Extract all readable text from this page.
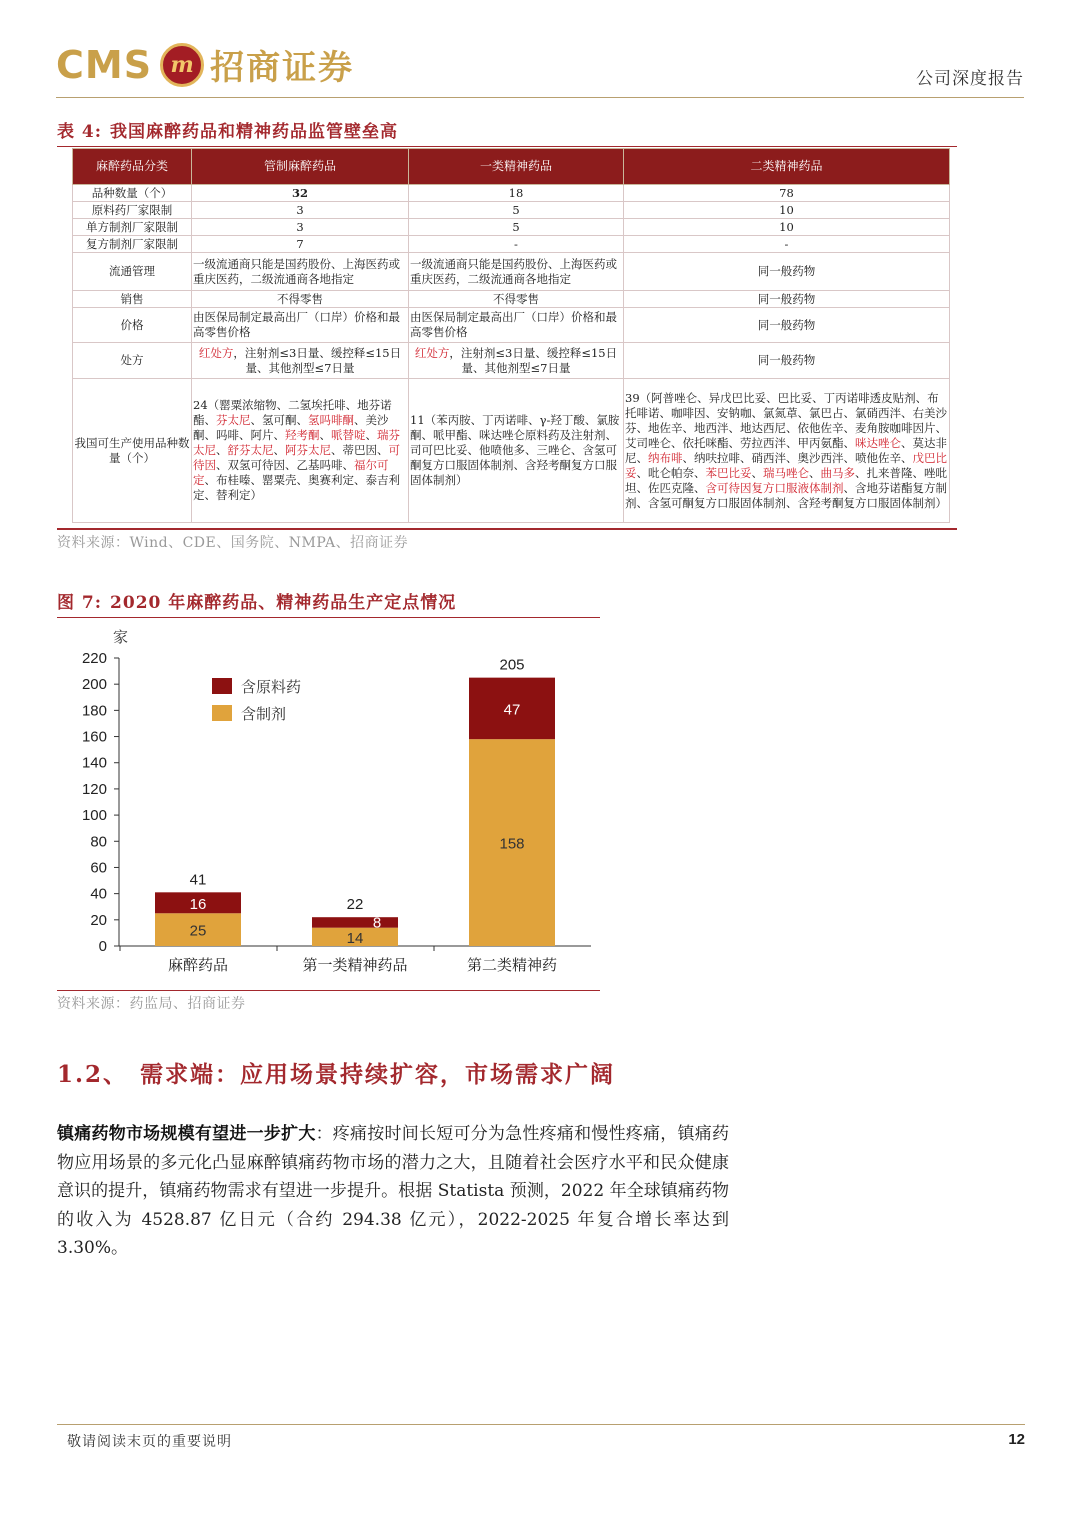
CMS m 招商证券	公司深度报告
表 4: 我国麻醉药品和精神药品监管壁垒高
麻醉药品分类	管制麻醉药品	一类精神药品	二类精神药品
品种数量（个）	32	18	78
原料药厂家限制	3	5	10
单方制剂厂家限制	3	5	10
复方制剂厂家限制	7	-	-
流通管理	一级流通商只能是国药股份、上海医药或重庆医药，二级流通商各地指定	一级流通商只能是国药股份、上海医药或重庆医药，二级流通商各地指定	同一般药物
销售	不得零售	不得零售	同一般药物
价格	由医保局制定最高出厂（口岸）价格和最高零售价格	由医保局制定最高出厂（口岸）价格和最高零售价格	同一般药物
处方	红处方，注射剂≤3日量、缓控释≤15日量、其他剂型≤7日量	红处方，注射剂≤3日量、缓控释≤15日量、其他剂型≤7日量	同一般药物
我国可生产使用品种数量（个）	24（罂粟浓缩物、二氢埃托啡、地芬诺酯、芬太尼、氢可酮、氢吗啡酮、美沙酮、吗啡、阿片、羟考酮、哌替啶、瑞芬太尼、舒芬太尼、阿芬太尼、蒂巴因、可待因、双氢可待因、乙基吗啡、福尔可定、布桂嗪、罂粟壳、奥赛利定、泰吉利定、替利定）	11（苯丙胺、丁丙诺啡、γ-羟丁酸、氯胺酮、哌甲酯、咪达唑仑原料药及注射剂、司可巴比妥、他喷他多、三唑仑、含氢可酮复方口服固体制剂、含羟考酮复方口服固体制剂）	39（阿普唑仑、异戊巴比妥、巴比妥、丁丙诺啡透皮贴剂、布托啡诺、咖啡因、安钠咖、氯氮䓬、氯巴占、氯硝西泮、右美沙芬、地佐辛、地西泮、地达西尼、依他佐辛、麦角胺咖啡因片、艾司唑仑、依托咪酯、劳拉西泮、甲丙氨酯、咪达唑仑、莫达非尼、纳布啡、纳呋拉啡、硝西泮、奥沙西泮、喷他佐辛、戊巴比妥、吡仑帕奈、苯巴比妥、瑞马唑仑、曲马多、扎来普隆、唑吡坦、佐匹克隆、含可待因复方口服液体制剂、含地芬诺酯复方制剂、含氢可酮复方口服固体制剂、含羟考酮复方口服固体制剂）
资料来源：Wind、CDE、国务院、NMPA、招商证券
图 7: 2020 年麻醉药品、精神药品生产定点情况
家
0
20
40
60
80
100
120
140
160
180
200
220
麻醉药品	第一类精神药品	第二类精神药
25
16
41
14
8
22
158
47
205
含原料药
含制剂
资料来源：药监局、招商证券
1.2、 需求端：应用场景持续扩容，市场需求广阔
镇痛药物市场规模有望进一步扩大：疼痛按时间长短可分为急性疼痛和慢性疼痛，镇痛药物应用场景的多元化凸显麻醉镇痛药物市场的潜力之大，且随着社会医疗水平和民众健康意识的提升，镇痛药物需求有望进一步提升。根据 Statista 预测，2022 年全球镇痛药物的收入为 4528.87 亿日元（合约 294.38 亿元），2022-2025 年复合增长率达到 3.30%。
敬请阅读末页的重要说明	12
